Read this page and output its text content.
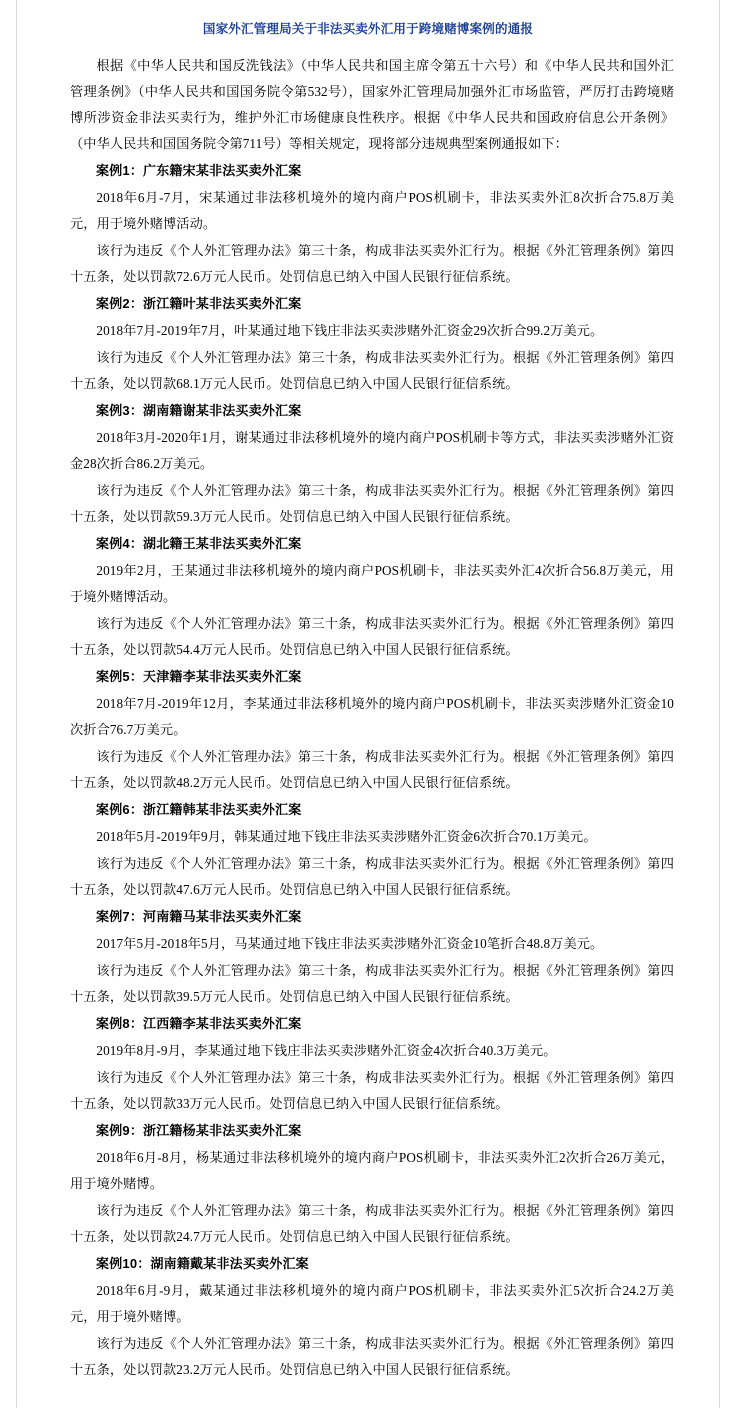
国家外汇管理局关于非法买卖外汇用于跨境赌博案例的通报

根据《中华人民共和国反洗钱法》（中华人民共和国主席令第五十六号）和《中华人民共和国外汇管理条例》（中华人民共和国国务院令第532号），国家外汇管理局加强外汇市场监管，严厉打击跨境赌博所涉资金非法买卖行为，维护外汇市场健康良性秩序。根据《中华人民共和国政府信息公开条例》（中华人民共和国国务院令第711号）等相关规定，现将部分违规典型案例通报如下：

案例1：广东籍宋某非法买卖外汇案

2018年6月-7月，宋某通过非法移机境外的境内商户POS机刷卡，非法买卖外汇8次折合75.8万美元，用于境外赌博活动。

该行为违反《个人外汇管理办法》第三十条，构成非法买卖外汇行为。根据《外汇管理条例》第四十五条，处以罚款72.6万元人民币。处罚信息已纳入中国人民银行征信系统。

案例2：浙江籍叶某非法买卖外汇案

2018年7月-2019年7月，叶某通过地下钱庄非法买卖涉赌外汇资金29次折合99.2万美元。

该行为违反《个人外汇管理办法》第三十条，构成非法买卖外汇行为。根据《外汇管理条例》第四十五条，处以罚款68.1万元人民币。处罚信息已纳入中国人民银行征信系统。

案例3：湖南籍谢某非法买卖外汇案

2018年3月-2020年1月，谢某通过非法移机境外的境内商户POS机刷卡等方式，非法买卖涉赌外汇资金28次折合86.2万美元。

该行为违反《个人外汇管理办法》第三十条，构成非法买卖外汇行为。根据《外汇管理条例》第四十五条，处以罚款59.3万元人民币。处罚信息已纳入中国人民银行征信系统。

案例4：湖北籍王某非法买卖外汇案

2019年2月，王某通过非法移机境外的境内商户POS机刷卡，非法买卖外汇4次折合56.8万美元，用于境外赌博活动。

该行为违反《个人外汇管理办法》第三十条，构成非法买卖外汇行为。根据《外汇管理条例》第四十五条，处以罚款54.4万元人民币。处罚信息已纳入中国人民银行征信系统。

案例5：天津籍李某非法买卖外汇案

2018年7月-2019年12月，李某通过非法移机境外的境内商户POS机刷卡，非法买卖涉赌外汇资金10次折合76.7万美元。

该行为违反《个人外汇管理办法》第三十条，构成非法买卖外汇行为。根据《外汇管理条例》第四十五条，处以罚款48.2万元人民币。处罚信息已纳入中国人民银行征信系统。

案例6：浙江籍韩某非法买卖外汇案

2018年5月-2019年9月，韩某通过地下钱庄非法买卖涉赌外汇资金6次折合70.1万美元。

该行为违反《个人外汇管理办法》第三十条，构成非法买卖外汇行为。根据《外汇管理条例》第四十五条，处以罚款47.6万元人民币。处罚信息已纳入中国人民银行征信系统。

案例7：河南籍马某非法买卖外汇案

2017年5月-2018年5月，马某通过地下钱庄非法买卖涉赌外汇资金10笔折合48.8万美元。

该行为违反《个人外汇管理办法》第三十条，构成非法买卖外汇行为。根据《外汇管理条例》第四十五条，处以罚款39.5万元人民币。处罚信息已纳入中国人民银行征信系统。

案例8：江西籍李某非法买卖外汇案

2019年8月-9月，李某通过地下钱庄非法买卖涉赌外汇资金4次折合40.3万美元。

该行为违反《个人外汇管理办法》第三十条，构成非法买卖外汇行为。根据《外汇管理条例》第四十五条，处以罚款33万元人民币。处罚信息已纳入中国人民银行征信系统。

案例9：浙江籍杨某非法买卖外汇案

2018年6月-8月，杨某通过非法移机境外的境内商户POS机刷卡，非法买卖外汇2次折合26万美元，用于境外赌博。

该行为违反《个人外汇管理办法》第三十条，构成非法买卖外汇行为。根据《外汇管理条例》第四十五条，处以罚款24.7万元人民币。处罚信息已纳入中国人民银行征信系统。

案例10：湖南籍戴某非法买卖外汇案

2018年6月-9月，戴某通过非法移机境外的境内商户POS机刷卡，非法买卖外汇5次折合24.2万美元，用于境外赌博。

该行为违反《个人外汇管理办法》第三十条，构成非法买卖外汇行为。根据《外汇管理条例》第四十五条，处以罚款23.2万元人民币。处罚信息已纳入中国人民银行征信系统。
